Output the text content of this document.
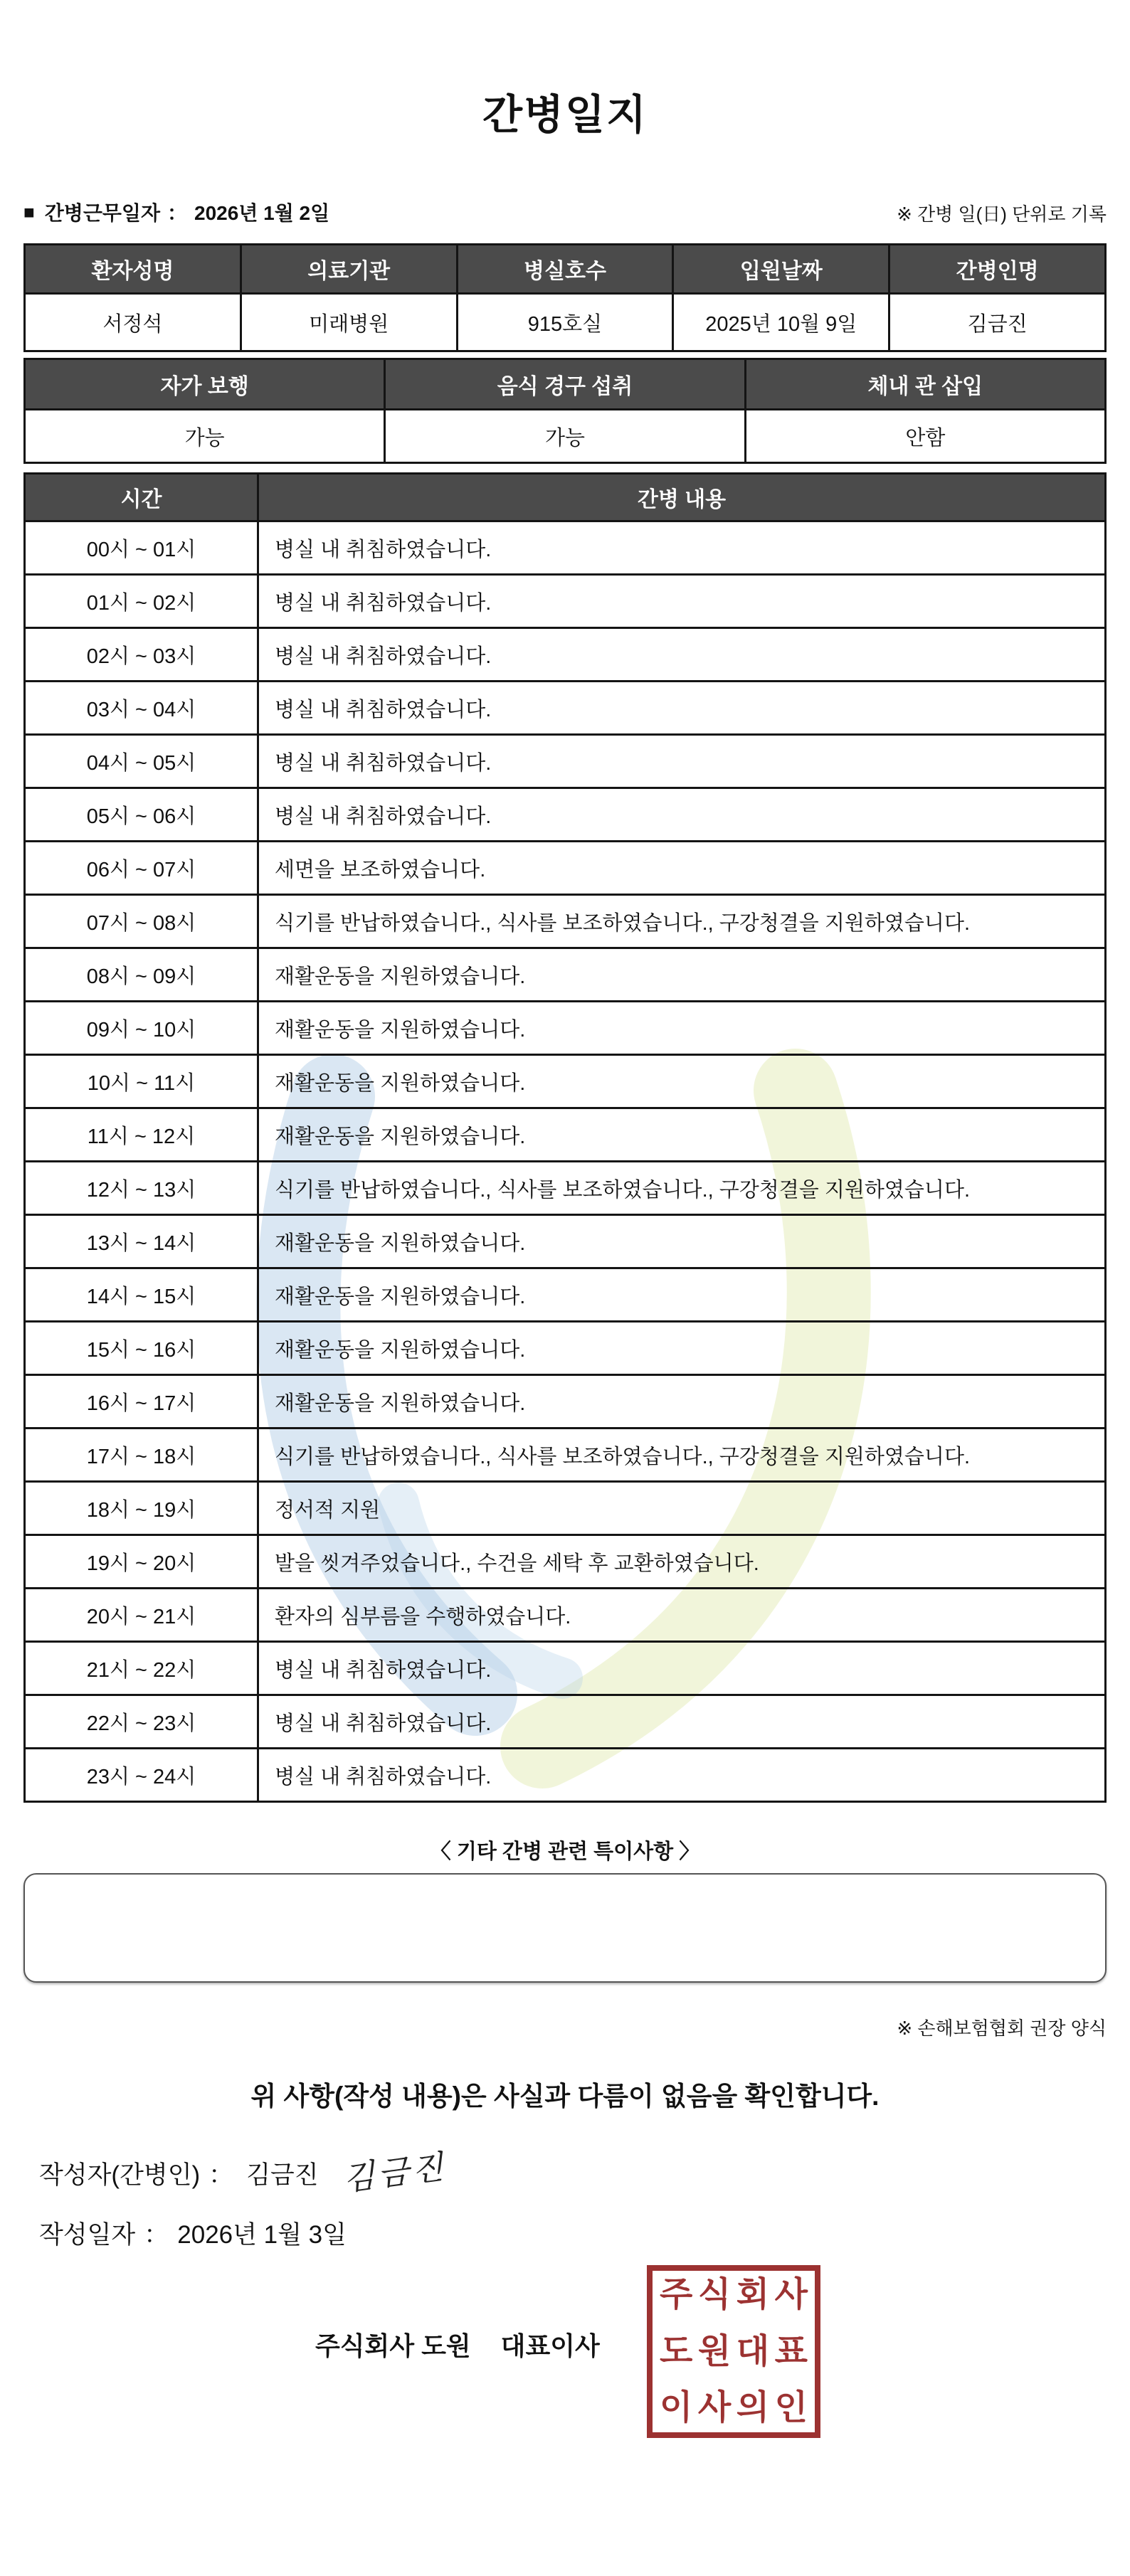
간병일지
■ 간병근무일자 ： 2026년 1월 2일	※ 간병 일(日) 단위로 기록
환자성명	의료기관	병실호수	입원날짜	간병인명
서정석	미래병원	915호실	2025년 10월 9일	김금진
자가 보행	음식 경구 섭취	체내 관 삽입
가능	가능	안함
시간	간병 내용
00시 ~ 01시	병실 내 취침하였습니다.
01시 ~ 02시	병실 내 취침하였습니다.
02시 ~ 03시	병실 내 취침하였습니다.
03시 ~ 04시	병실 내 취침하였습니다.
04시 ~ 05시	병실 내 취침하였습니다.
05시 ~ 06시	병실 내 취침하였습니다.
06시 ~ 07시	세면을 보조하였습니다.
07시 ~ 08시	식기를 반납하였습니다., 식사를 보조하였습니다., 구강청결을 지원하였습니다.
08시 ~ 09시	재활운동을 지원하였습니다.
09시 ~ 10시	재활운동을 지원하였습니다.
10시 ~ 11시	재활운동을 지원하였습니다.
11시 ~ 12시	재활운동을 지원하였습니다.
12시 ~ 13시	식기를 반납하였습니다., 식사를 보조하였습니다., 구강청결을 지원하였습니다.
13시 ~ 14시	재활운동을 지원하였습니다.
14시 ~ 15시	재활운동을 지원하였습니다.
15시 ~ 16시	재활운동을 지원하였습니다.
16시 ~ 17시	재활운동을 지원하였습니다.
17시 ~ 18시	식기를 반납하였습니다., 식사를 보조하였습니다., 구강청결을 지원하였습니다.
18시 ~ 19시	정서적 지원
19시 ~ 20시	발을 씻겨주었습니다., 수건을 세탁 후 교환하였습니다.
20시 ~ 21시	환자의 심부름을 수행하였습니다.
21시 ~ 22시	병실 내 취침하였습니다.
22시 ~ 23시	병실 내 취침하였습니다.
23시 ~ 24시	병실 내 취침하였습니다.
〈 기타 간병 관련 특이사항 〉
※ 손해보험협회 권장 양식
위 사항(작성 내용)은 사실과 다름이 없음을 확인합니다.
작성자(간병인) ： 김금진 김금진
작성일자 ： 2026년 1월 3일
주식회사 도원 대표이사
주 식 회 사
도 원 대 표
이 사 의 인
